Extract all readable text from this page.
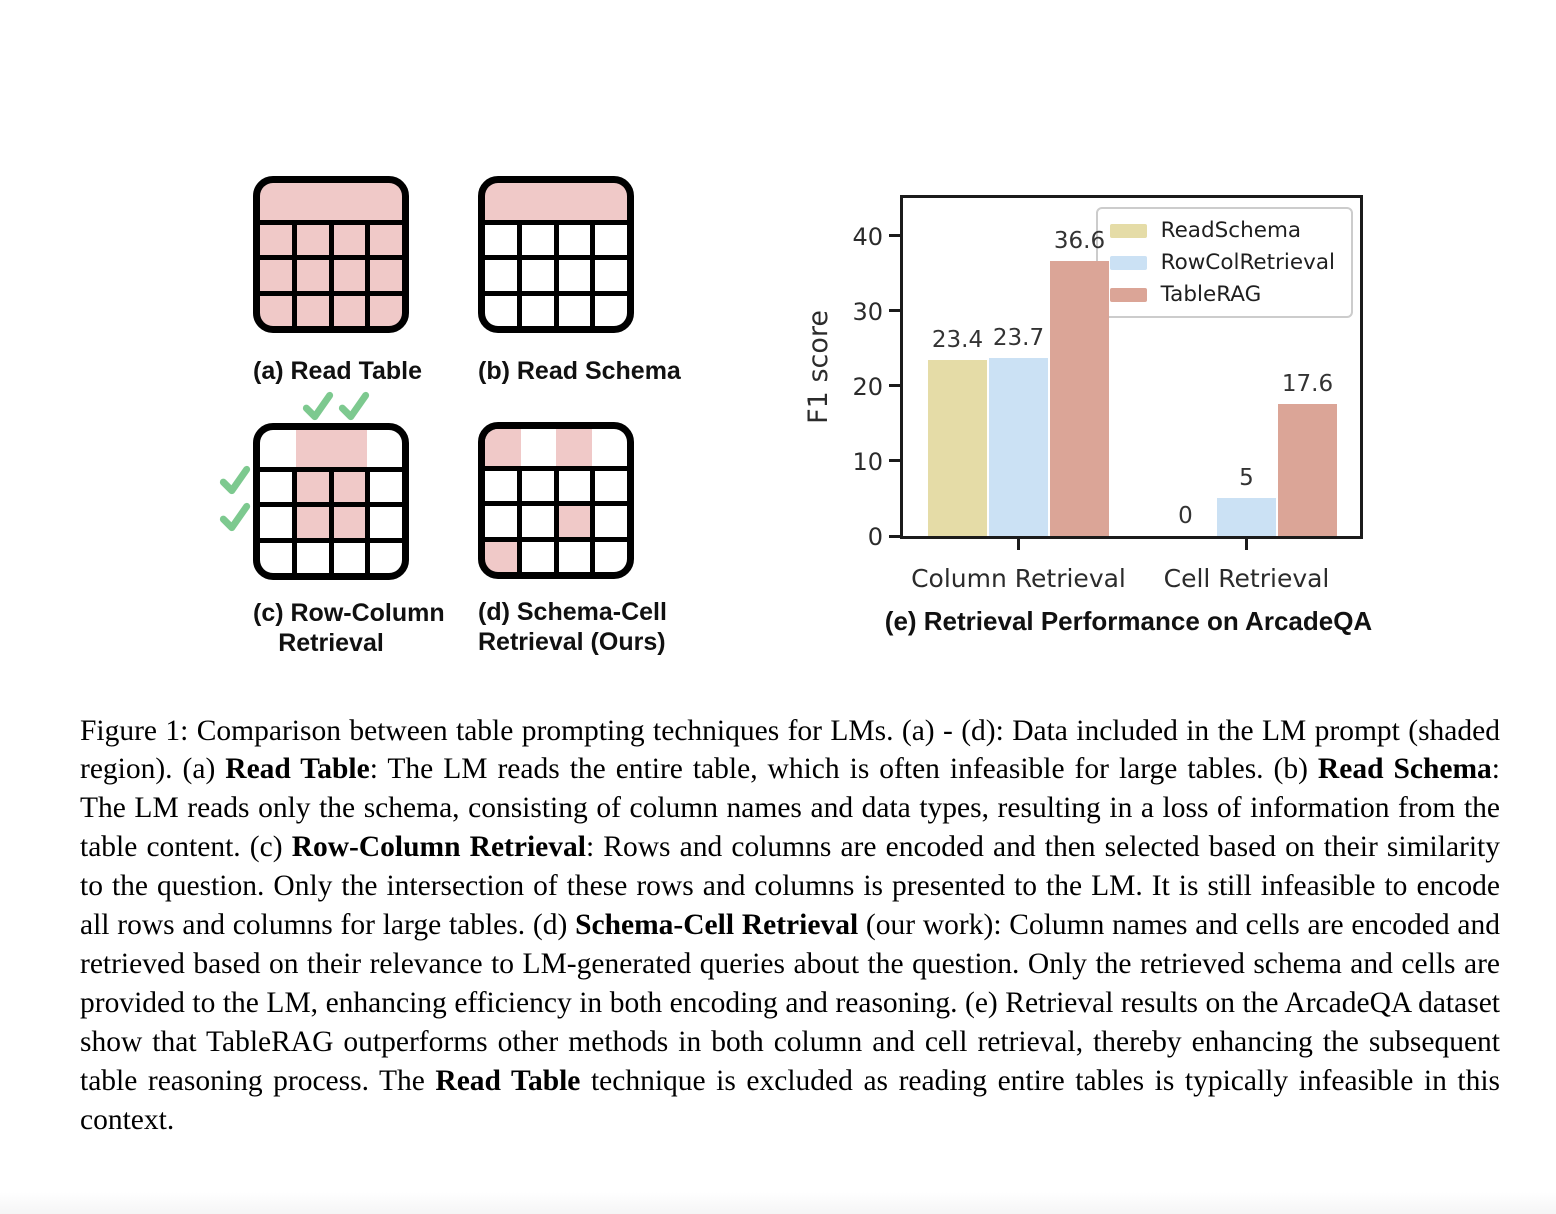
(a) Read Table (b) Read Schema
(c) Row-Column
Retrieval
(d) Schema-Cell
Retrieval (Ours)
F1 score
ReadSchema
RowColRetrieval
TableRAG
0
10
20
30
40
Column Retrieval
23.4 23.7
36.6
Cell Retrieval
0
5
17.6
(e) Retrieval Performance on ArcadeQA

Figure 1: Comparison between table prompting techniques for LMs. (a) - (d): Data included in the LM prompt (shaded region). (a) Read Table: The LM reads the entire table, which is often infeasible for large tables. (b) Read Schema: The LM reads only the schema, consisting of column names and data types, resulting in a loss of information from the table content. (c) Row-Column Retrieval: Rows and columns are encoded and then selected based on their similarity to the question. Only the intersection of these rows and columns is presented to the LM. It is still infeasible to encode all rows and columns for large tables. (d) Schema-Cell Retrieval (our work): Column names and cells are encoded and retrieved based on their relevance to LM-generated queries about the question. Only the retrieved schema and cells are provided to the LM, enhancing efficiency in both encoding and reasoning. (e) Retrieval results on the ArcadeQA dataset show that TableRAG outperforms other methods in both column and cell retrieval, thereby enhancing the subsequent table reasoning process. The Read Table technique is excluded as reading entire tables is typically infeasible in this context.
